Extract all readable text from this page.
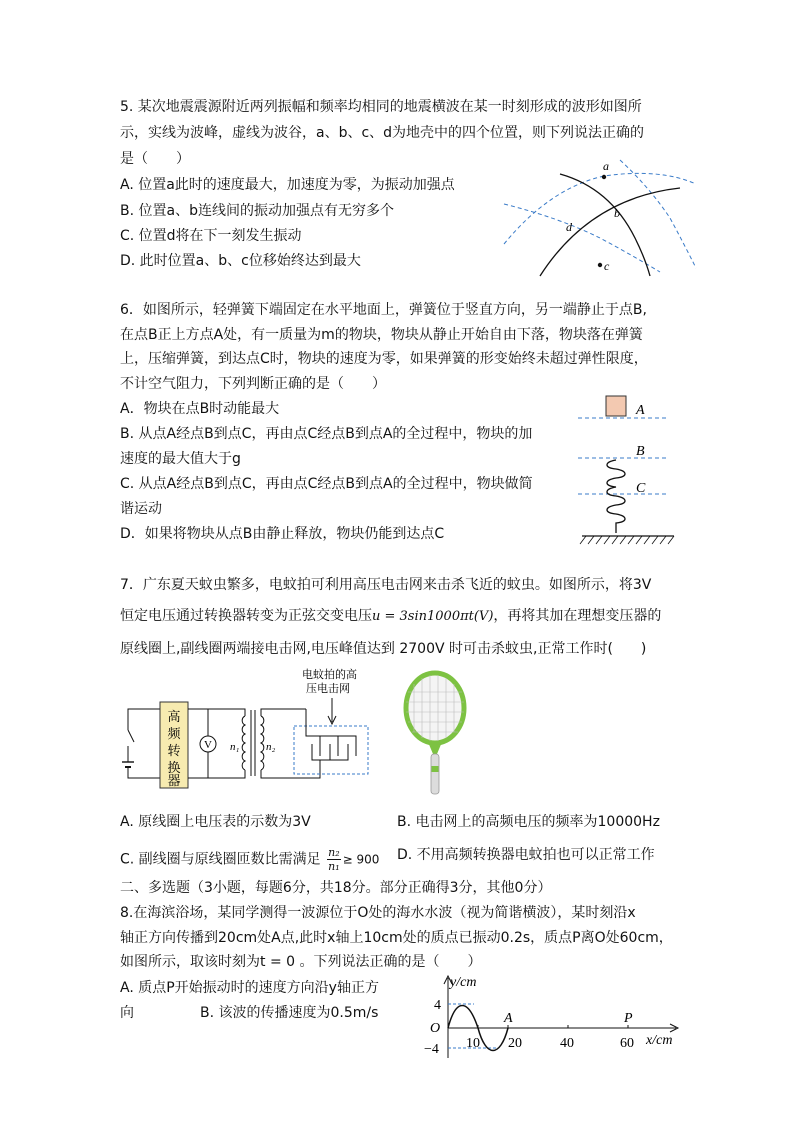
5. 某次地震震源附近两列振幅和频率均相同的地震横波在某一时刻形成的波形如图所
示，实线为波峰，虚线为波谷，a、b、c、d为地壳中的四个位置，则下列说法正确的
是（　　）
A. 位置a此时的速度最大，加速度为零，为振动加强点
B. 位置a、b连线间的振动加强点有无穷多个
C. 位置d将在下一刻发生振动
D. 此时位置a、b、c位移始终达到最大
a
b
c
d
6．如图所示，轻弹簧下端固定在水平地面上，弹簧位于竖直方向，另一端静止于点B,
在点B正上方点A处，有一质量为m的物块，物块从静止开始自由下落，物块落在弹簧
上，压缩弹簧，到达点C时，物块的速度为零，如果弹簧的形变始终未超过弹性限度，
不计空气阻力，下列判断正确的是（　　）
A．物块在点B时动能最大
B. 从点A经点B到点C，再由点C经点B到点A的全过程中，物块的加
速度的最大值大于g
C. 从点A经点B到点C，再由点C经点B到点A的全过程中，物块做简
谐运动
D．如果将物块从点B由静止释放，物块仍能到达点C
A
B
C
7．广东夏天蚊虫繁多，电蚊拍可利用高压电击网来击杀飞近的蚊虫。如图所示，将3V
恒定电压通过转换器转变为正弦交变电压u = 3sin1000πt(V)，再将其加在理想变压器的
原线圈上,副线圈两端接电击网,电压峰值达到 2700V 时可击杀蚊虫,正常工作时(　　)
高
频
转
换
器
V n₁ n₂
电蚊拍的高
压电击网
A. 原线圈上电压表的示数为3V	B. 电击网上的高频电压的频率为10000Hz
C. 副线圈与原线圈匝数比需满足 $\frac{\text{n₂}}{\text{n₁}} \ge 900$ D. 不用高频转换器电蚊拍也可以正常工作
二、多选题（3小题，每题6分，共18分。部分正确得3分，其他0分）
8.在海滨浴场，某同学测得一波源位于O处的海水水波（视为简谐横波），某时刻沿x
轴正方向传播到20cm处A点,此时x轴上10cm处的质点已振动0.2s，质点P离O处60cm，
如图所示，取该时刻为t = 0 。下列说法正确的是（　　）
A. 质点P开始振动时的速度方向沿y轴正方
向	B. 该波的传播速度为0.5m/s
y/cm
x/cm
O
4
−4 10 20	40	60
A	P
